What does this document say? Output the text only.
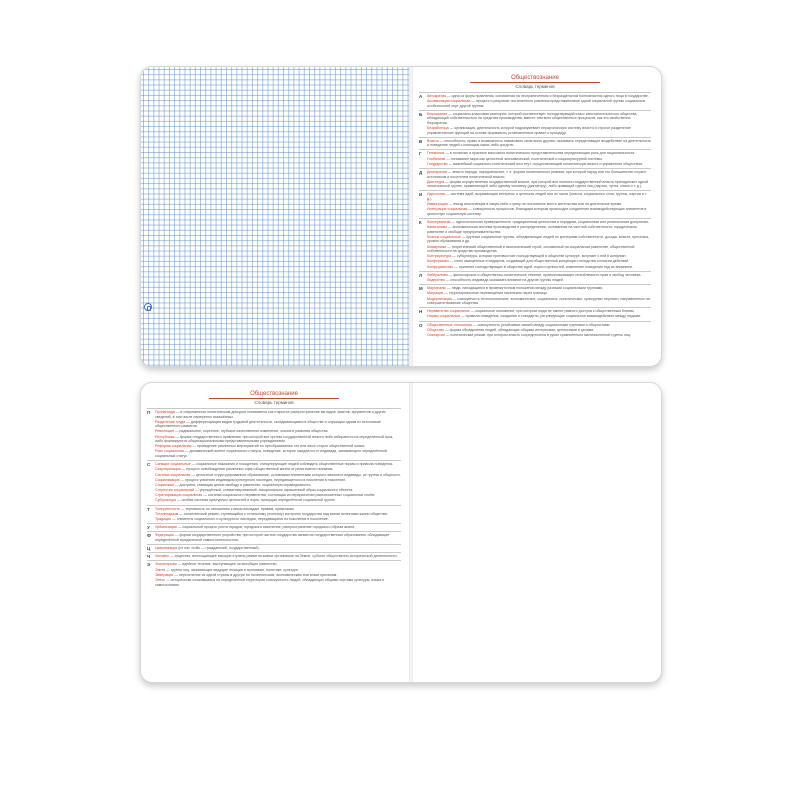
Обществознание
Словарь терминов
А	Автократия — одна из форм правления, основанная на неограниченном и безраздельном полновластии одного лица в государстве.
Ассимиляция социальная — процесс и результат постепенного усвоения представителями одной социальной группы социальных особенностей черт другой группы.
Б	Бюрократия — социально-классовая категория, которой соответствует господствующий класс капиталистического общества, обладающий собственностью на средства производства, вместе тем всех общественных процессов, как это свойственно бюрократии.
Безработица — организация, деятельность которой подразумевает иерархическую систему власти и строгое разделение управленческих функций на основе формально установленных правил и процедур.
В	Власть — способность, право и возможность навязывать свою волю другим, оказывать определяющее воздействие на деятельность и поведение людей с помощью каких-либо средств.
Г	Гегемония — в политике и практике массового политического представительства определяющая роль для национальности.
Глобализм — понимание мира как целостной экономической, политической и социокультурной системы.
Государство — важнейший социально-политический институт, осуществляющий политическую власть и управление обществом.
Д	Демократия — власть народа, народовластие, т. е. форма политического режима, при которой народ или его большинство служит источником и носителем политической власти.
Диктатура — форма осуществления государственной власти, при которой вся полнота государственной власти принадлежит одной политической группе, применяющей либо одному человеку (диктатору), либо правящей группе лиц (партия, хунта, клика и т. д.).
И	Идеология — система идей, выражающая интересы и ценности людей или их части (класса, социального слоя, группы, партии и т. д.).
Иммиграция — въезд иностранцев в какую-либо страну на постоянное место жительства или на длительное время.
Интеграция социальная — совокупность процессов, благодаря которым происходит соединение взаимодействующих элементов в целостную социальную систему.
К	Консерватизм — идеологическая приверженность традиционным ценностям и порядкам, социальным или религиозным доктринам.
Капитализм — экономическая система производства и распределения, основанная на частной собственности, юридическом равенстве и свободе предпринимательства.
Классы социальные — крупные социальные группы, объединяющие людей по критериям собственности, дохода, власти, престижа, уровня образования и др.
Коммунизм — теоретический общественный и экономический строй, основанный на социальном равенстве, общественной собственности на средства производства.
Контркультура — субкультура, которая противостоит господствующей в обществе культуре, вступает с ней в конфликт.
Конформизм — соню самоценных стандартов, создающий для общественной концепции господства согласии действий.
Конфуцианство — принятие господствующих в обществе идей, норм и ценностей, изменение поведения под их влиянием.
Л	Либерализм — философское и общественно-политическое течение, провозглашающее незыблемость прав и свобод человека.
Лидерство — способность индивида оказывать влияние на другие группы людей.
М	Маргиналы — люди, находящиеся в промежуточном положении между разными социальными группами.
Миграция — территориальные перемещения населения через границы.
Модернизация — совокупность технологических, экономических, социальных, политических, культурных перемен, направленных на совершенствование общества.
Н	Неравенство социальное — социальное положение, при котором люди не имеют равного доступа к общественным благам.
Нормы социальные — правила поведения, ожидания и стандарты, регулирующие социальное взаимодействие между людьми.
О	Общественные отношения — совокупность устойчивых связей между социальными группами и общностями.
Общество — форма объединения людей, обладающих общими интересами, ценностями и целями.
Олигархия — политический режим, при котором власть сосредоточена в руках сравнительно малочисленной группы лиц.
Обществознание
Словарь терминов
П	Пропаганда — в современном политическом дискурсе понимается как открытое распространение взглядов, фактов, аргументов и других сведений, в том числе намеренно искажённых.
Разделение труда — дифференциация видов трудовой деятельности, складывающаяся в обществе и служащая одним из источников общественного развития.
Революция — радикальное, коренное, глубокое качественное изменение, скачок в развитии общества.
Республика — форма государственного правления, при которой все органы государственной власти либо избираются на определённый срок, либо формируются общенациональными представительными учреждениями.
Реформа социальная — проведение различных мероприятий по преобразованию тех или иных сторон общественной жизни.
Роль социальная — динамический аспект социального статуса, поведение, которое ожидается от индивида, занимающего определённый социальный статус.
С	Санкции социальные — социальные наказания и поощрения, стимулирующие людей соблюдать общественные нормы и правила поведения.
Секуляризация — процесс освобождения различных сфер общественной жизни от религиозного влияния.
Система социальная — целостное структурированное образование, основными элементами которого являются индивиды, их группы и общности.
Социализация — процесс усвоения индивидом культурного наследия, передающегося из поколения в поколение.
Социализм — доктрина, ставящая целью свободу и равенство, социальную справедливость.
Стереотип социальный — упрощённый, схематизированный, эмоционально окрашенный образ социального объекта.
Стратификация социальная — система социального неравенства, состоящая из иерархически расположенных социальных слоёв.
Субкультура — особая система культурных ценностей и норм, присущая определённой социальной группе.
Т	Толерантность — терпимость по отношению к иным взглядам, нравам, привычкам.
Тоталитаризм — политический режим, стремящийся к тотальному (полному) контролю государства над всеми аспектами жизни общества.
Традиция — элементы социального и культурного наследия, передающиеся из поколения в поколение.
У	Урбанизация — социальный процесс роста городов, городского населения, распространение городского образа жизни.
Ф	Федерация — форма государственного устройства, при которой частью государства являются государственные образования, обладающие определённой юридической самостоятельностью.
Ц	Цивилизация (от лат. civilis — гражданский, государственный).
Ч	Человек — существо, воплощающее высшую ступень развития живых организмов на Земле, субъект общественно-исторической деятельности.
Э	Эгалитаризм — идейное течение, выступающее за всеобщее равенство.
Элита — группа лиц, занимающих ведущие позиции в экономике, политике, культуре.
Эмиграция — переселение из одной страны в другую по политическим, экономическим или иным причинам.
Этнос — исторически сложившаяся на определённой территории совокупность людей, обладающих общими чертами культуры, языка и самосознания.
